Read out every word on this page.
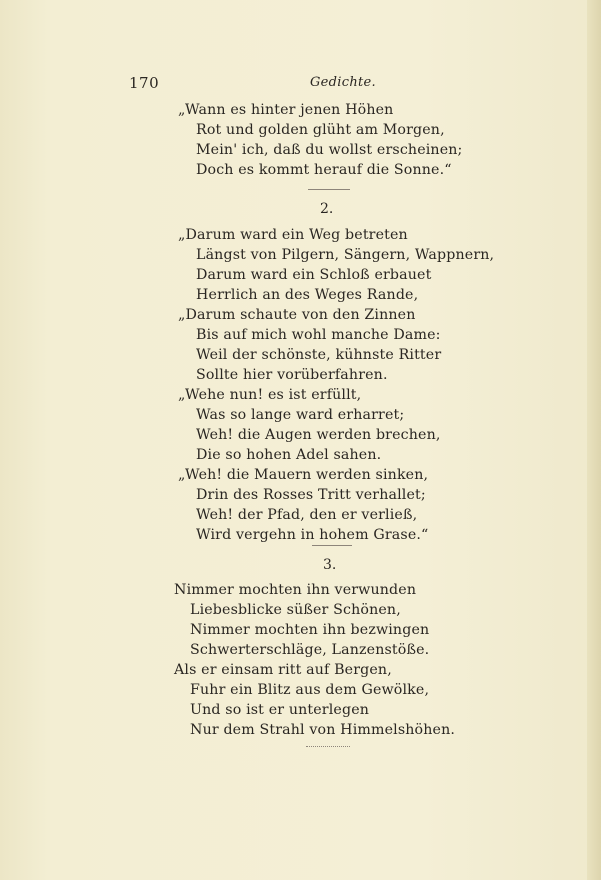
170	Gedichte.
„Wann es hinter jenen Höhen
Rot und golden glüht am Morgen,
Mein' ich, daß du wollst erscheinen;
Doch es kommt herauf die Sonne.“
2.
„Darum ward ein Weg betreten
Längst von Pilgern, Sängern, Wappnern,
Darum ward ein Schloß erbauet
Herrlich an des Weges Rande,
„Darum schaute von den Zinnen
Bis auf mich wohl manche Dame:
Weil der schönste, kühnste Ritter
Sollte hier vorüberfahren.
„Wehe nun! es ist erfüllt,
Was so lange ward erharret;
Weh! die Augen werden brechen,
Die so hohen Adel sahen.
„Weh! die Mauern werden sinken,
Drin des Rosses Tritt verhallet;
Weh! der Pfad, den er verließ,
Wird vergehn in hohem Grase.“
3.
Nimmer mochten ihn verwunden
Liebesblicke süßer Schönen,
Nimmer mochten ihn bezwingen
Schwerterschläge, Lanzenstöße.
Als er einsam ritt auf Bergen,
Fuhr ein Blitz aus dem Gewölke,
Und so ist er unterlegen
Nur dem Strahl von Himmelshöhen.
